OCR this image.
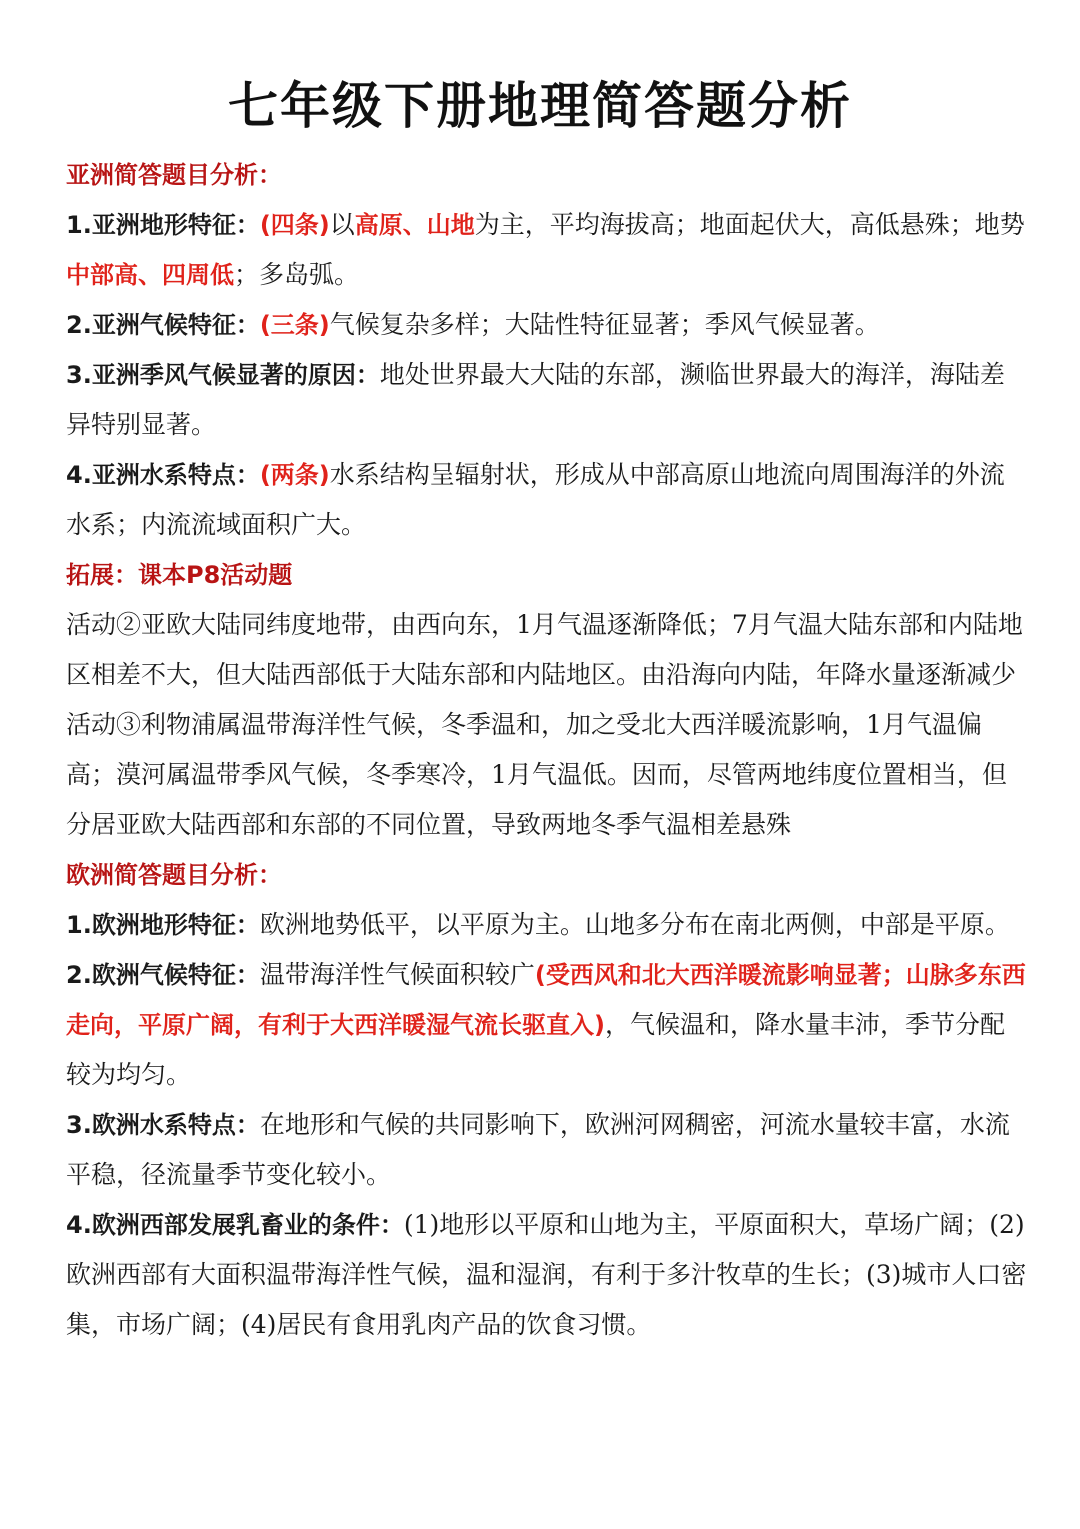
七年级下册地理简答题分析

亚洲简答题目分析：

1.亚洲地形特征：(四条)以高原、山地为主，平均海拔高；地面起伏大，高低悬殊；地势中部高、四周低；多岛弧。

2.亚洲气候特征：(三条)气候复杂多样；大陆性特征显著；季风气候显著。

3.亚洲季风气候显著的原因：地处世界最大大陆的东部，濒临世界最大的海洋，海陆差异特别显著。

4.亚洲水系特点：(两条)水系结构呈辐射状，形成从中部高原山地流向周围海洋的外流水系；内流流域面积广大。

拓展：课本P8活动题

活动②亚欧大陆同纬度地带，由西向东，1月气温逐渐降低；7月气温大陆东部和内陆地区相差不大，但大陆西部低于大陆东部和内陆地区。由沿海向内陆，年降水量逐渐减少活动③利物浦属温带海洋性气候，冬季温和，加之受北大西洋暖流影响，1月气温偏高；漠河属温带季风气候，冬季寒冷，1月气温低。因而，尽管两地纬度位置相当，但分居亚欧大陆西部和东部的不同位置，导致两地冬季气温相差悬殊

欧洲简答题目分析：

1.欧洲地形特征：欧洲地势低平，以平原为主。山地多分布在南北两侧，中部是平原。

2.欧洲气候特征：温带海洋性气候面积较广(受西风和北大西洋暖流影响显著；山脉多东西走向，平原广阔，有利于大西洋暖湿气流长驱直入)，气候温和，降水量丰沛，季节分配较为均匀。

3.欧洲水系特点：在地形和气候的共同影响下，欧洲河网稠密，河流水量较丰富，水流平稳，径流量季节变化较小。

4.欧洲西部发展乳畜业的条件：(1)地形以平原和山地为主，平原面积大，草场广阔；(2)欧洲西部有大面积温带海洋性气候，温和湿润，有利于多汁牧草的生长；(3)城市人口密集，市场广阔；(4)居民有食用乳肉产品的饮食习惯。
